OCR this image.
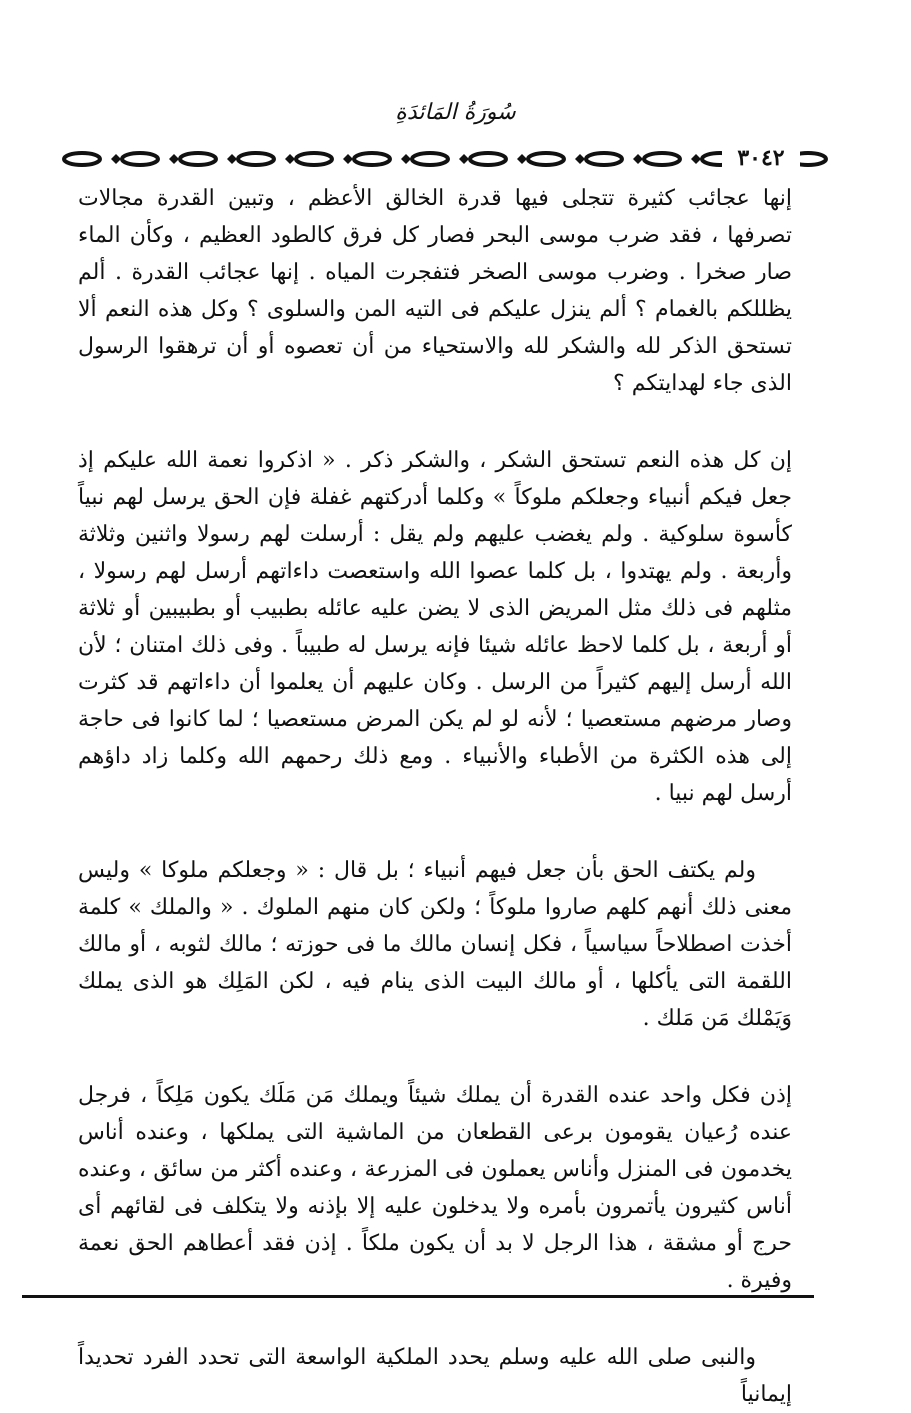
سُورَةُ المَائدَةِ
٣٠٤٢

إنها عجائب كثيرة تتجلى فيها قدرة الخالق الأعظم ، وتبين القدرة مجالات تصرفها ، فقد ضرب موسى البحر فصار كل فرق كالطود العظيم ، وكأن الماء صار صخرا . وضرب موسى الصخر فتفجرت المياه . إنها عجائب القدرة . ألم يظللكم بالغمام ؟ ألم ينزل عليكم فى التيه المن والسلوى ؟ وكل هذه النعم ألا تستحق الذكر لله والشكر لله والاستحياء من أن تعصوه أو أن ترهقوا الرسول الذى جاء لهدايتكم ؟

إن كل هذه النعم تستحق الشكر ، والشكر ذكر . « اذكروا نعمة الله عليكم إذ جعل فيكم أنبياء وجعلكم ملوكاً » وكلما أدركتهم غفلة فإن الحق يرسل لهم نبياً كأسوة سلوكية . ولم يغضب عليهم ولم يقل : أرسلت لهم رسولا واثنين وثلاثة وأربعة . ولم يهتدوا ، بل كلما عصوا الله واستعصت داءاتهم أرسل لهم رسولا ، مثلهم فى ذلك مثل المريض الذى لا يضن عليه عائله بطبيب أو بطبيبين أو ثلاثة أو أربعة ، بل كلما لاحظ عائله شيئا فإنه يرسل له طبيباً . وفى ذلك امتنان ؛ لأن الله أرسل إليهم كثيراً من الرسل . وكان عليهم أن يعلموا أن داءاتهم قد كثرت وصار مرضهم مستعصيا ؛ لأنه لو لم يكن المرض مستعصيا ؛ لما كانوا فى حاجة إلى هذه الكثرة من الأطباء والأنبياء . ومع ذلك رحمهم الله وكلما زاد داؤهم أرسل لهم نبيا .

ولم يكتف الحق بأن جعل فيهم أنبياء ؛ بل قال : « وجعلكم ملوكا » وليس معنى ذلك أنهم كلهم صاروا ملوكاً ؛ ولكن كان منهم الملوك . « والملك » كلمة أخذت اصطلاحاً سياسياً ، فكل إنسان مالك ما فى حوزته ؛ مالك لثوبه ، أو مالك اللقمة التى يأكلها ، أو مالك البيت الذى ينام فيه ، لكن المَلِك هو الذى يملك وَيَمْلك مَن مَلك .

إذن فكل واحد عنده القدرة أن يملك شيئاً ويملك مَن مَلَك يكون مَلِكاً ، فرجل عنده رُعيان يقومون برعى القطعان من الماشية التى يملكها ، وعنده أناس يخدمون فى المنزل وأناس يعملون فى المزرعة ، وعنده أكثر من سائق ، وعنده أناس كثيرون يأتمرون بأمره ولا يدخلون عليه إلا بإذنه ولا يتكلف فى لقائهم أى حرج أو مشقة ، هذا الرجل لا بد أن يكون ملكاً . إذن فقد أعطاهم الحق نعمة وفيرة .

والنبى صلى الله عليه وسلم يحدد الملكية الواسعة التى تحدد الفرد تحديداً إيمانياً
